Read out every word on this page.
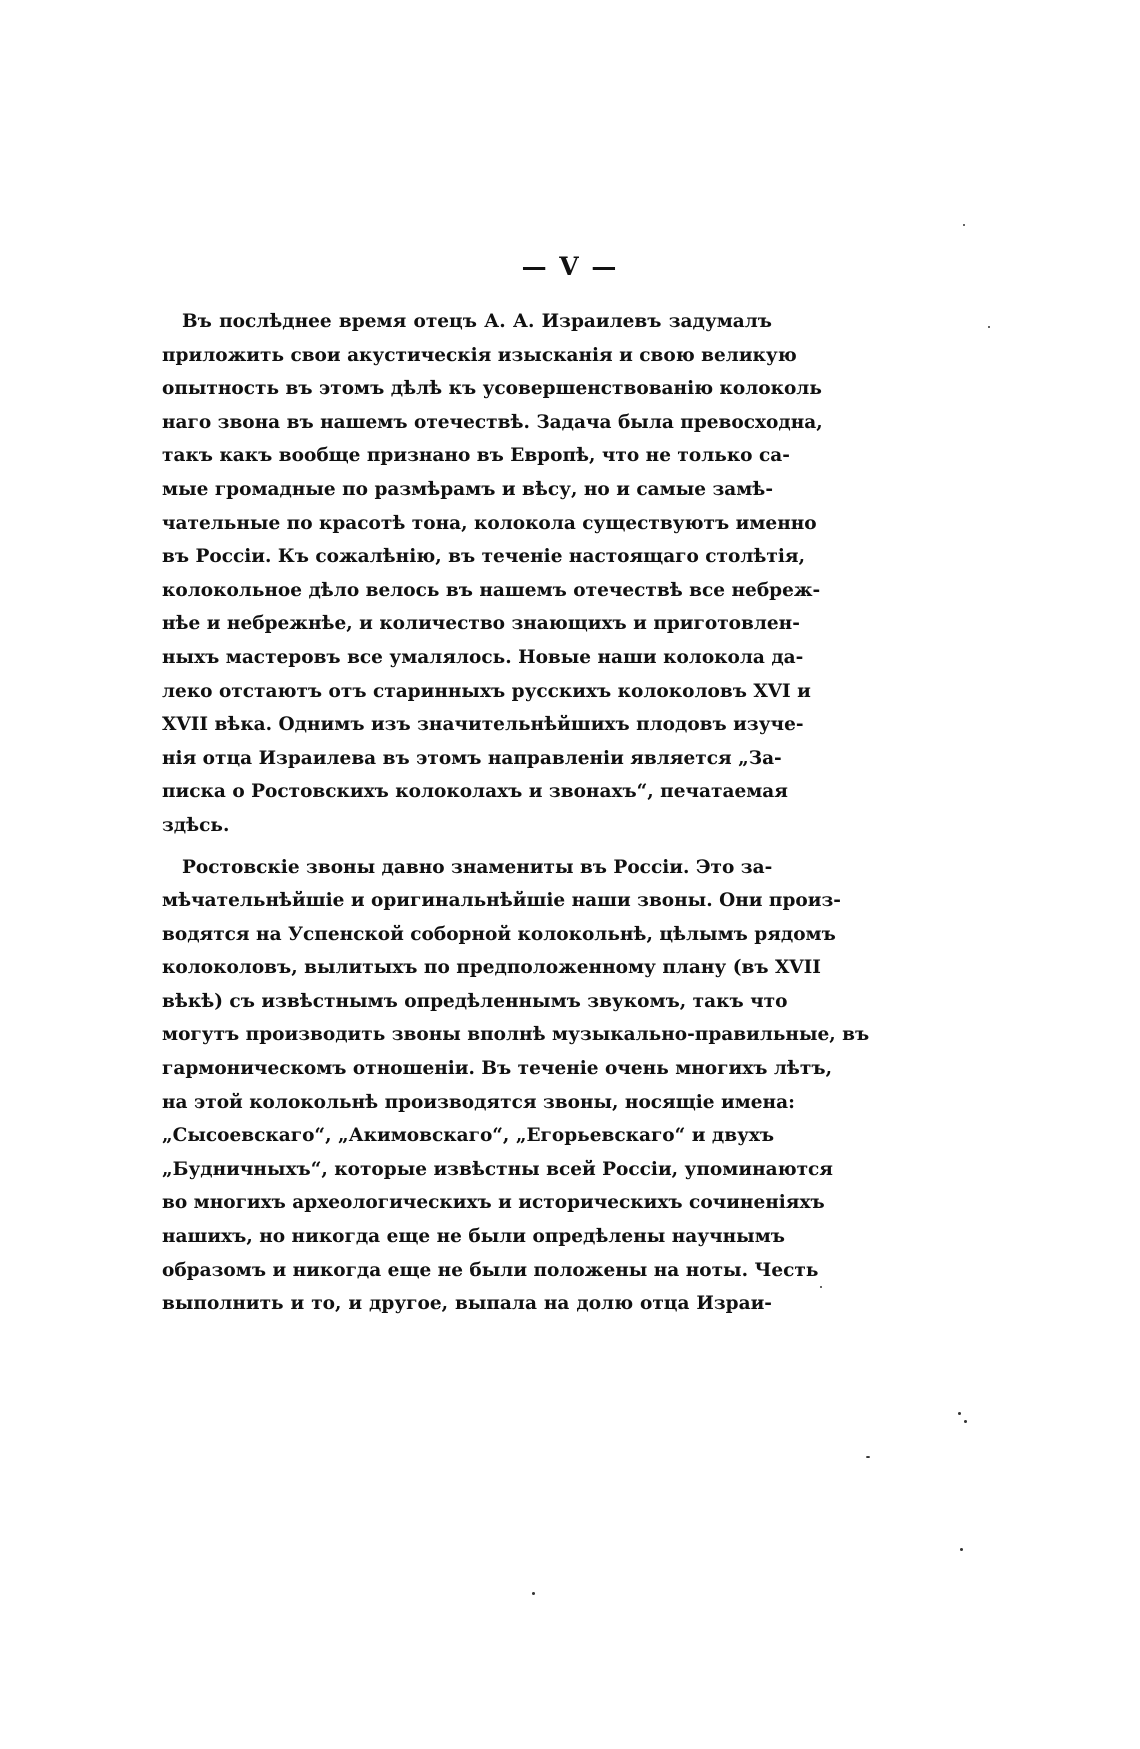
— V —
Въ послѣднее время отецъ А. А. Израилевъ задумалъ
приложить свои акустическія изысканія и свою великую
опытность въ этомъ дѣлѣ къ усовершенствованію колоколь
наго звона въ нашемъ отечествѣ. Задача была превосходна,
такъ какъ вообще признано въ Европѣ, что не только са-
мые громадные по размѣрамъ и вѣсу, но и самые замѣ-
чательные по красотѣ тона, колокола существуютъ именно
въ Россіи. Къ сожалѣнію, въ теченіе настоящаго столѣтія,
колокольное дѣло велось въ нашемъ отечествѣ все небреж-
нѣе и небрежнѣе, и количество знающихъ и приготовлен-
ныхъ мастеровъ все умалялось. Новые наши колокола да-
леко отстаютъ отъ старинныхъ русскихъ колоколовъ XVI и
XVII вѣка. Однимъ изъ значительнѣйшихъ плодовъ изуче-
нія отца Израилева въ этомъ направленіи является „За-
писка о Ростовскихъ колоколахъ и звонахъ“, печатаемая
здѣсь.
Ростовскіе звоны давно знамениты въ Россіи. Это за-
мѣчательнѣйшіе и оригинальнѣйшіе наши звоны. Они произ-
водятся на Успенской соборной колокольнѣ, цѣлымъ рядомъ
колоколовъ, вылитыхъ по предположенному плану (въ XVII
вѣкѣ) съ извѣстнымъ опредѣленнымъ звукомъ, такъ что
могутъ производить звоны вполнѣ музыкально-правильные, въ
гармоническомъ отношеніи. Въ теченіе очень многихъ лѣтъ,
на этой колокольнѣ производятся звоны, носящіе имена:
„Сысоевскаго“, „Акимовскаго“, „Егорьевскаго“ и двухъ
„Будничныхъ“, которые извѣстны всей Россіи, упоминаются
во многихъ археологическихъ и историческихъ сочиненіяхъ
нашихъ, но никогда еще не были опредѣлены научнымъ
образомъ и никогда еще не были положены на ноты. Честь
выполнить и то, и другое, выпала на долю отца Израи-
